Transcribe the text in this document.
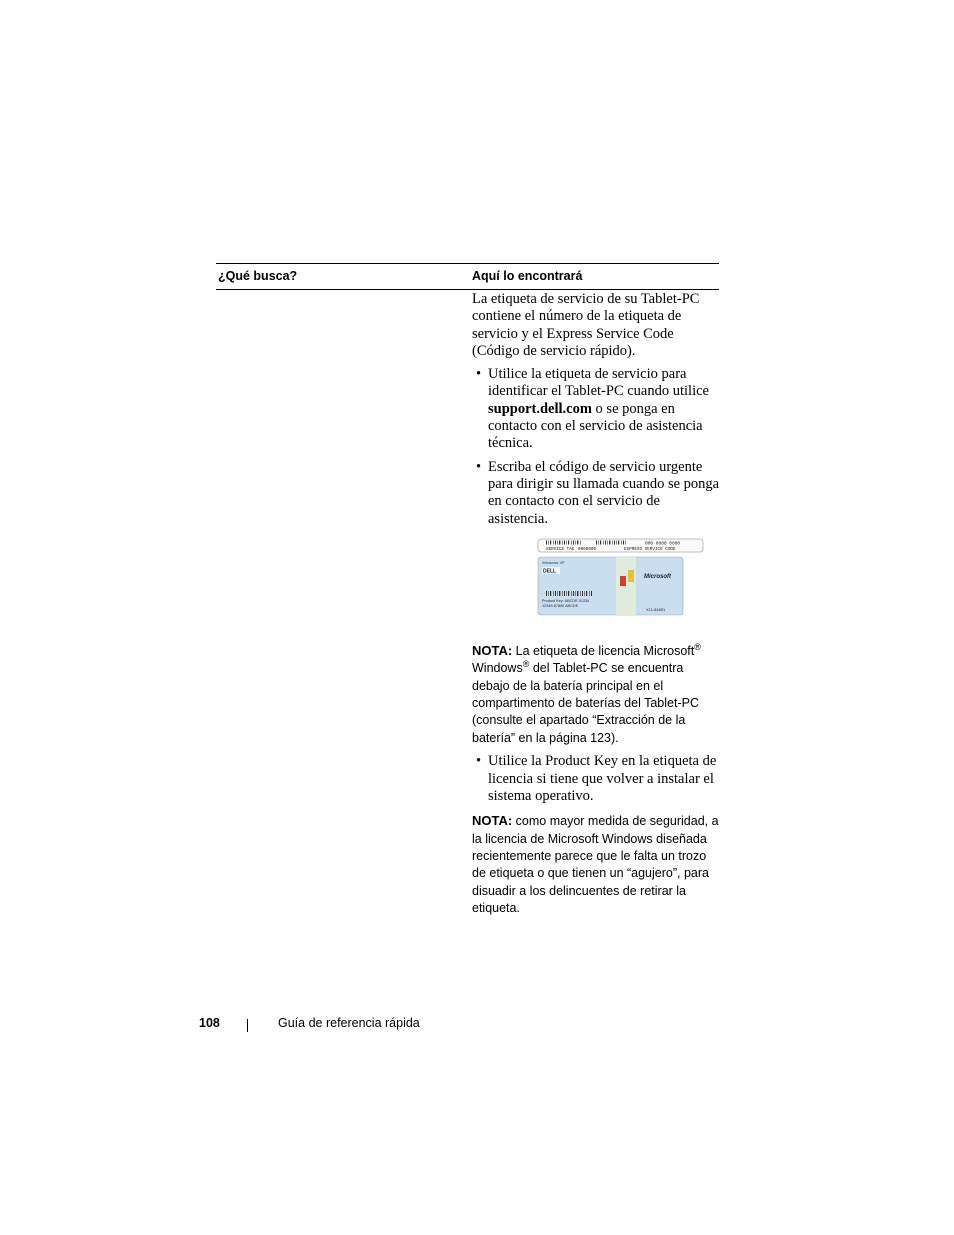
¿Qué busca?	Aquí lo encontrará

La etiqueta de servicio de su Tablet-PC contiene el número de la etiqueta de servicio y el Express Service Code (Código de servicio rápido).

• Utilice la etiqueta de servicio para identificar el Tablet-PC cuando utilice support.dell.com o se ponga en contacto con el servicio de asistencia técnica.
• Escriba el código de servicio urgente para dirigir su llamada cuando se ponga en contacto con el servicio de asistencia.
000 0000 0000
SERVICE TAG 0000000	EXPRESS SERVICE CODE
Windows XP
DELL
Microsoft
Product Key: ABCDE 01234
12345 67890 ABCDE
X11-84651

NOTA: La etiqueta de licencia Microsoft®
Windows® del Tablet-PC se encuentra debajo de la batería principal en el compartimento de baterías del Tablet-PC (consulte el apartado “Extracción de la batería” en la página 123).

• Utilice la Product Key en la etiqueta de licencia si tiene que volver a instalar el sistema operativo.

NOTA: como mayor medida de seguridad, a la licencia de Microsoft Windows diseñada recientemente parece que le falta un trozo de etiqueta o que tienen un “agujero”, para disuadir a los delincuentes de retirar la etiqueta.

108	Guía de referencia rápida
